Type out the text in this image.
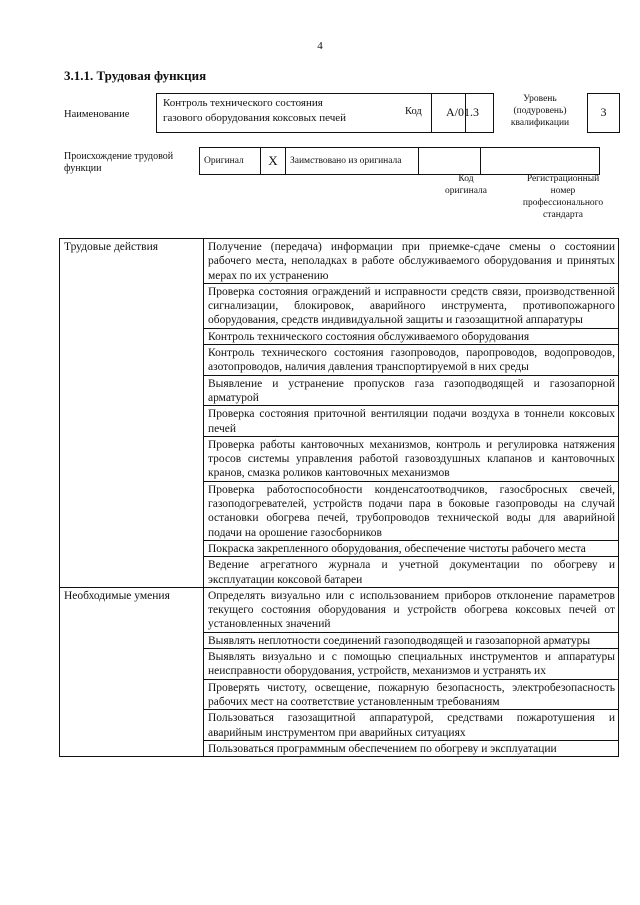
4
3.1.1. Трудовая функция
Наименование
Контроль технического состояния
газового оборудования коксовых печей
Код	А/01.3
Уровень
(подуровень)
квалификации
3
Происхождение трудовой функции
Оригинал	X	Заимствовано из оригинала		
Код
оригинала
Регистрационный
номер
профессионального
стандарта
Трудовые действия	Получение (передача) информации при приемке-сдаче смены о состоянии рабочего места, неполадках в работе обслуживаемого оборудования и принятых мерах по их устранению
	Проверка состояния ограждений и исправности средств связи, производственной сигнализации, блокировок, аварийного инструмента, противопожарного оборудования, средств индивидуальной защиты и газозащитной аппаратуры
	Контроль технического состояния обслуживаемого оборудования
	Контроль технического состояния газопроводов, паропроводов, водопроводов, азотопроводов, наличия давления транспортируемой в них среды
	Выявление и устранение пропусков газа газоподводящей и газозапорной арматурой
	Проверка состояния приточной вентиляции подачи воздуха в тоннели коксовых печей
	Проверка работы кантовочных механизмов, контроль и регулировка натяжения тросов системы управления работой газовоздушных клапанов и кантовочных кранов, смазка роликов кантовочных механизмов
	Проверка работоспособности конденсатоотводчиков, газосбросных свечей, газоподогревателей, устройств подачи пара в боковые газопроводы на случай остановки обогрева печей, трубопроводов технической воды для аварийной подачи на орошение газосборников
	Покраска закрепленного оборудования, обеспечение чистоты рабочего места
	Ведение агрегатного журнала и учетной документации по обогреву и эксплуатации коксовой батареи
Необходимые умения	Определять визуально или с использованием приборов отклонение параметров текущего состояния оборудования и устройств обогрева коксовых печей от установленных значений
	Выявлять неплотности соединений газоподводящей и газозапорной арматуры
	Выявлять визуально и с помощью специальных инструментов и аппаратуры неисправности оборудования, устройств, механизмов и устранять их
	Проверять чистоту, освещение, пожарную безопасность, электробезопасность рабочих мест на соответствие установленным требованиям
	Пользоваться газозащитной аппаратурой, средствами пожаротушения и аварийным инструментом при аварийных ситуациях
	Пользоваться программным обеспечением по обогреву и эксплуатации
